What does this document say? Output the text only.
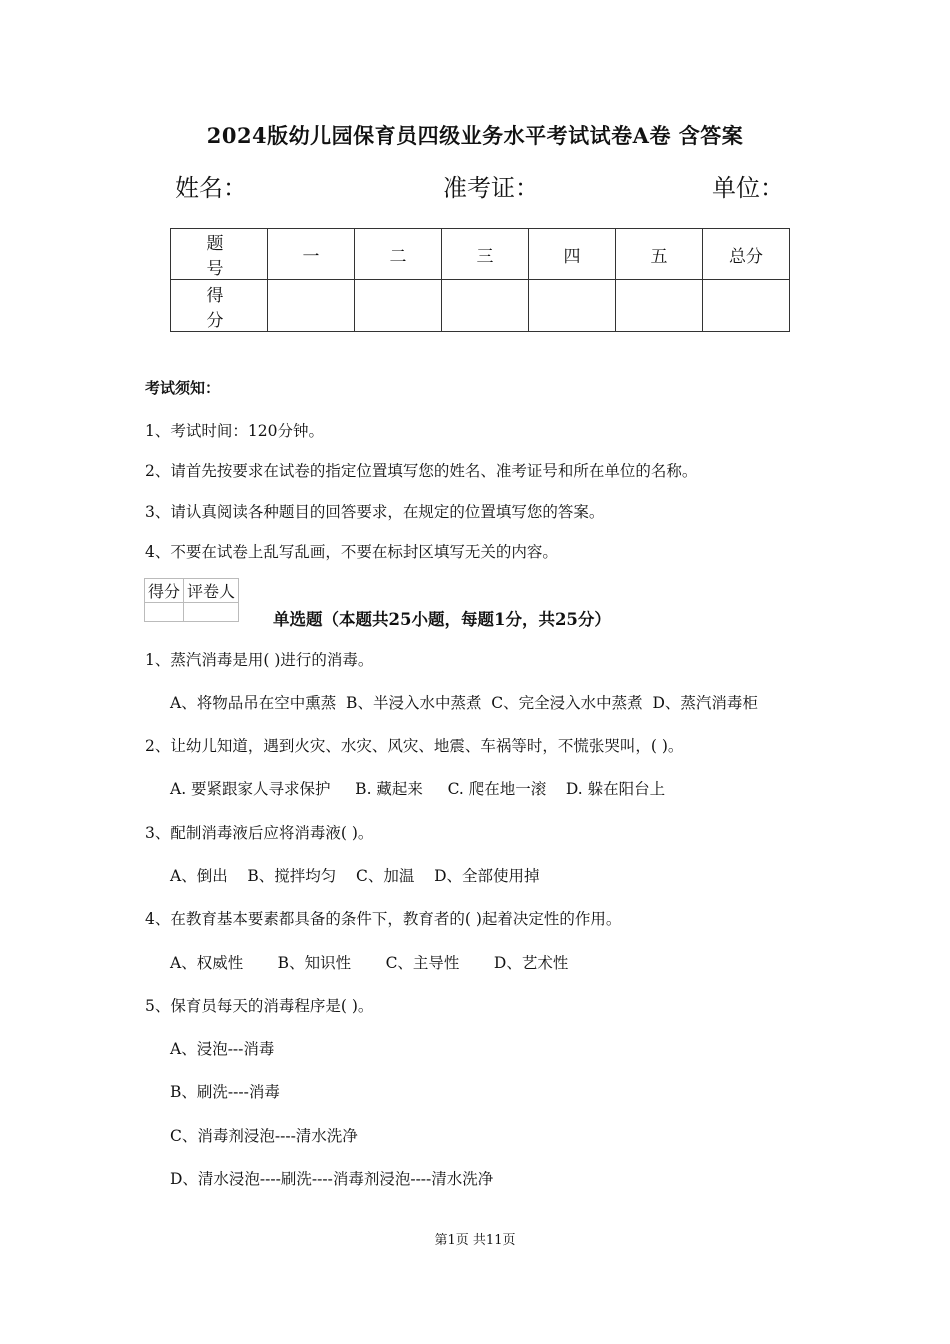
2024版幼儿园保育员四级业务水平考试试卷A卷 含答案
姓名：	准考证：	单位：
题 号	一	二	三	四	五	总分
得 分						
考试须知：
1、考试时间：120分钟。
2、请首先按要求在试卷的指定位置填写您的姓名、准考证号和所在单位的名称。
3、请认真阅读各种题目的回答要求，在规定的位置填写您的答案。
4、不要在试卷上乱写乱画，不要在标封区填写无关的内容。
得分	评卷人

单选题（本题共25小题，每题1分，共25分）
1、蒸汽消毒是用( )进行的消毒。
A、将物品吊在空中熏蒸  B、半浸入水中蒸煮  C、完全浸入水中蒸煮  D、蒸汽消毒柜
2、让幼儿知道，遇到火灾、水灾、风灾、地震、车祸等时，不慌张哭叫，( )。
A. 要紧跟家人寻求保护     B. 藏起来     C. 爬在地一滚    D. 躲在阳台上
3、配制消毒液后应将消毒液( )。
A、倒出    B、搅拌均匀    C、加温    D、全部使用掉
4、在教育基本要素都具备的条件下，教育者的( )起着决定性的作用。
A、权威性       B、知识性       C、主导性       D、艺术性
5、保育员每天的消毒程序是( )。
A、浸泡---消毒
B、刷洗----消毒
C、消毒剂浸泡----清水洗净
D、清水浸泡----刷洗----消毒剂浸泡----清水洗净
第1页 共11页
